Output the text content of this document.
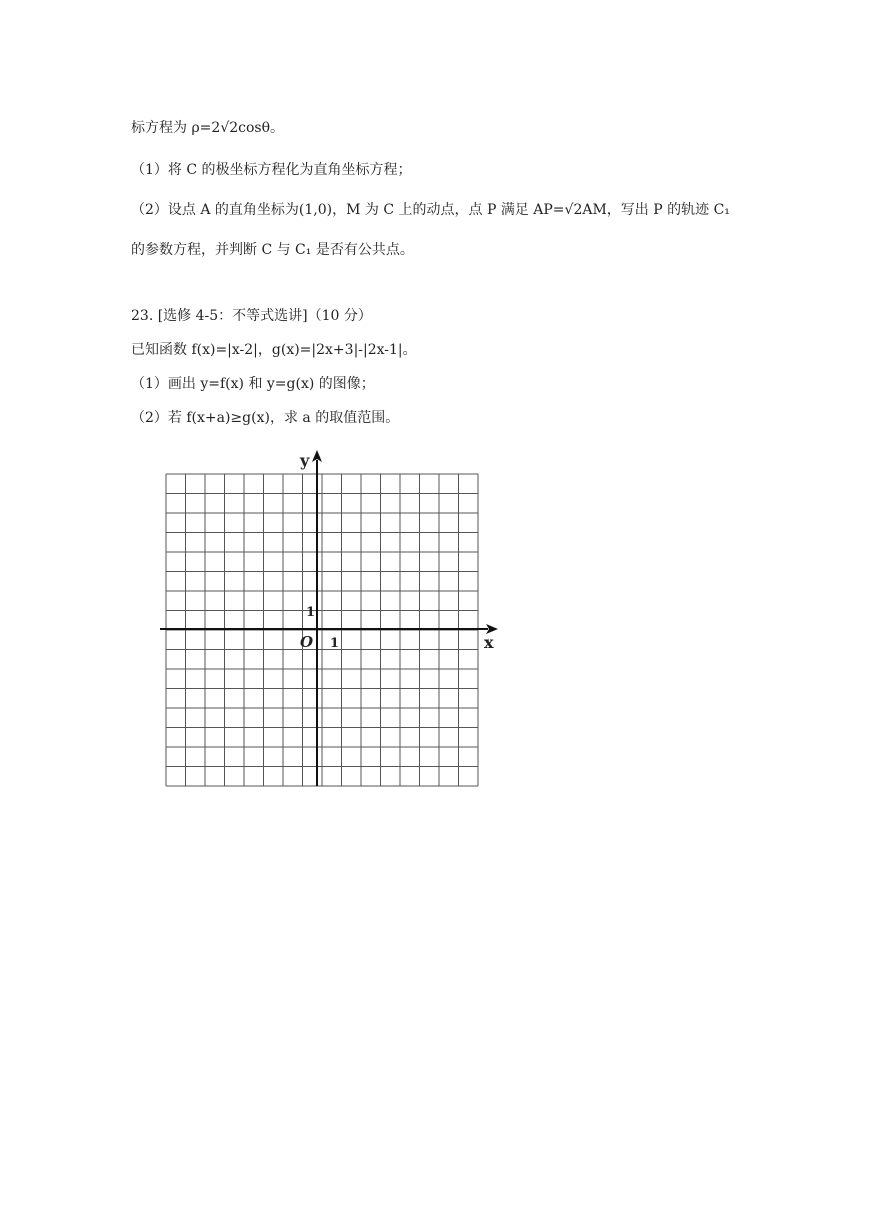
标方程为 ρ=2√2cosθ。
（1）将 C 的极坐标方程化为直角坐标方程；
（2）设点 A 的直角坐标为(1,0)，M 为 C 上的动点，点 P 满足 AP=√2AM，写出 P 的轨迹 C₁
的参数方程，并判断 C 与 C₁ 是否有公共点。
23. [选修 4-5：不等式选讲]（10 分）
已知函数 f(x)=|x-2|，g(x)=|2x+3|-|2x-1|。
（1）画出 y=f(x) 和 y=g(x) 的图像；
（2）若 f(x+a)≥g(x)，求 a 的取值范围。
y
x
O
1
1
